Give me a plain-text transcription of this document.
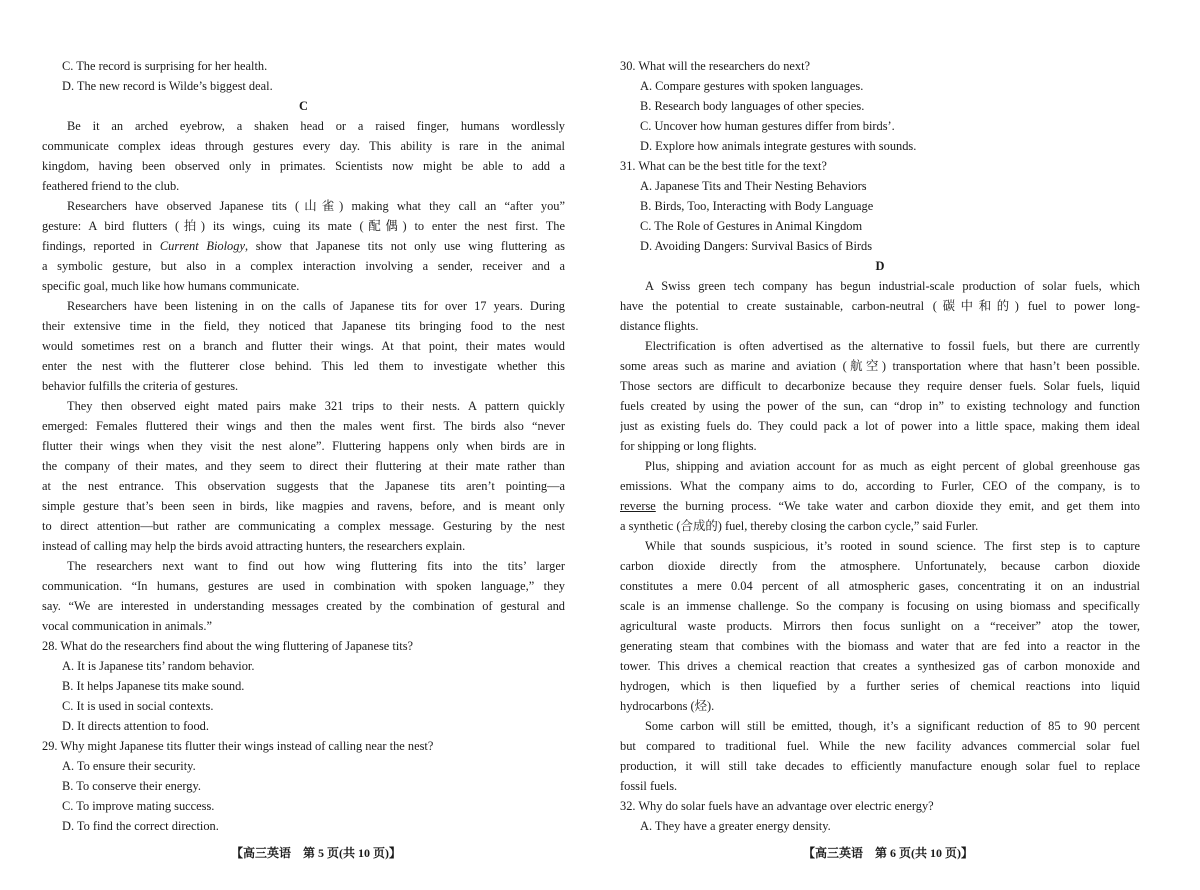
C. The record is surprising for her health.
D. The new record is Wilde’s biggest deal.
C
Be it an arched eyebrow, a shaken head or a raised finger, humans wordlessly
communicate complex ideas through gestures every day. This ability is rare in the animal
kingdom, having been observed only in primates. Scientists now might be able to add a
feathered friend to the club.
Researchers have observed Japanese tits (山雀) making what they call an “after you”
gesture: A bird flutters (拍) its wings, cuing its mate (配偶) to enter the nest first. The
findings, reported in Current Biology, show that Japanese tits not only use wing fluttering as
a symbolic gesture, but also in a complex interaction involving a sender, receiver and a
specific goal, much like how humans communicate.
Researchers have been listening in on the calls of Japanese tits for over 17 years. During
their extensive time in the field, they noticed that Japanese tits bringing food to the nest
would sometimes rest on a branch and flutter their wings. At that point, their mates would
enter the nest with the flutterer close behind. This led them to investigate whether this
behavior fulfills the criteria of gestures.
They then observed eight mated pairs make 321 trips to their nests. A pattern quickly
emerged: Females fluttered their wings and then the males went first. The birds also “never
flutter their wings when they visit the nest alone”. Fluttering happens only when birds are in
the company of their mates, and they seem to direct their fluttering at their mate rather than
at the nest entrance. This observation suggests that the Japanese tits aren’t pointing—a
simple gesture that’s been seen in birds, like magpies and ravens, before, and is meant only
to direct attention—but rather are communicating a complex message. Gesturing by the nest
instead of calling may help the birds avoid attracting hunters, the researchers explain.
The researchers next want to find out how wing fluttering fits into the tits’ larger
communication. “In humans, gestures are used in combination with spoken language,” they
say. “We are interested in understanding messages created by the combination of gestural and
vocal communication in animals.”
28. What do the researchers find about the wing fluttering of Japanese tits?
A. It is Japanese tits’ random behavior.
B. It helps Japanese tits make sound.
C. It is used in social contexts.
D. It directs attention to food.
29. Why might Japanese tits flutter their wings instead of calling near the nest?
A. To ensure their security.
B. To conserve their energy.
C. To improve mating success.
D. To find the correct direction.
30. What will the researchers do next?
A. Compare gestures with spoken languages.
B. Research body languages of other species.
C. Uncover how human gestures differ from birds’.
D. Explore how animals integrate gestures with sounds.
31. What can be the best title for the text?
A. Japanese Tits and Their Nesting Behaviors
B. Birds, Too, Interacting with Body Language
C. The Role of Gestures in Animal Kingdom
D. Avoiding Dangers: Survival Basics of Birds
D
A Swiss green tech company has begun industrial-scale production of solar fuels, which
have the potential to create sustainable, carbon-neutral (碳中和的) fuel to power long-
distance flights.
Electrification is often advertised as the alternative to fossil fuels, but there are currently
some areas such as marine and aviation (航空) transportation where that hasn’t been possible.
Those sectors are difficult to decarbonize because they require denser fuels. Solar fuels, liquid
fuels created by using the power of the sun, can “drop in” to existing technology and function
just as existing fuels do. They could pack a lot of power into a little space, making them ideal
for shipping or long flights.
Plus, shipping and aviation account for as much as eight percent of global greenhouse gas
emissions. What the company aims to do, according to Furler, CEO of the company, is to
reverse the burning process. “We take water and carbon dioxide they emit, and get them into
a synthetic (合成的) fuel, thereby closing the carbon cycle,” said Furler.
While that sounds suspicious, it’s rooted in sound science. The first step is to capture
carbon dioxide directly from the atmosphere. Unfortunately, because carbon dioxide
constitutes a mere 0.04 percent of all atmospheric gases, concentrating it on an industrial
scale is an immense challenge. So the company is focusing on using biomass and specifically
agricultural waste products. Mirrors then focus sunlight on a “receiver” atop the tower,
generating steam that combines with the biomass and water that are fed into a reactor in the
tower. This drives a chemical reaction that creates a synthesized gas of carbon monoxide and
hydrogen, which is then liquefied by a further series of chemical reactions into liquid
hydrocarbons (烃).
Some carbon will still be emitted, though, it’s a significant reduction of 85 to 90 percent
but compared to traditional fuel. While the new facility advances commercial solar fuel
production, it will still take decades to efficiently manufacture enough solar fuel to replace
fossil fuels.
32. Why do solar fuels have an advantage over electric energy?
A. They have a greater energy density.
【高三英语　第 5 页(共 10 页)】	【高三英语　第 6 页(共 10 页)】
